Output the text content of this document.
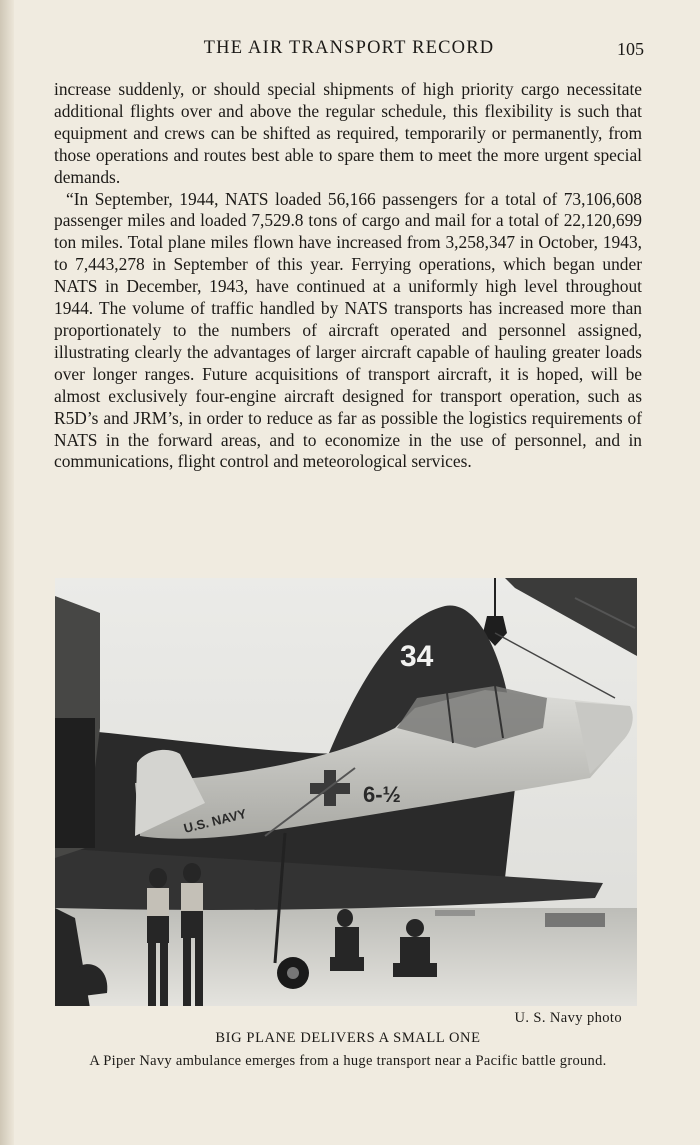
THE AIR TRANSPORT RECORD	105

increase suddenly, or should special shipments of high priority cargo necessitate additional flights over and above the regular schedule, this flexibility is such that equipment and crews can be shifted as required, temporarily or permanently, from those operations and routes best able to spare them to meet the more urgent special demands.

“In September, 1944, NATS loaded 56,166 passengers for a total of 73,106,608 passenger miles and loaded 7,529.8 tons of cargo and mail for a total of 22,120,699 ton miles. Total plane miles flown have increased from 3,258,347 in October, 1943, to 7,443,278 in September of this year. Ferrying operations, which began under NATS in December, 1943, have continued at a uniformly high level throughout 1944. The volume of traffic handled by NATS transports has increased more than proportionately to the numbers of aircraft operated and personnel assigned, illustrating clearly the advantages of larger aircraft capable of hauling greater loads over longer ranges. Future acquisitions of transport aircraft, it is hoped, will be almost exclusively four-engine aircraft designed for transport operation, such as R5D’s and JRM’s, in order to reduce as far as possible the logistics requirements of NATS in the forward areas, and to economize in the use of personnel, and in communications, flight control and meteorological services.

34
6-½
U.S. NAVY
U. S. Navy photo
BIG PLANE DELIVERS A SMALL ONE
A Piper Navy ambulance emerges from a huge transport near a Pacific battle ground.
